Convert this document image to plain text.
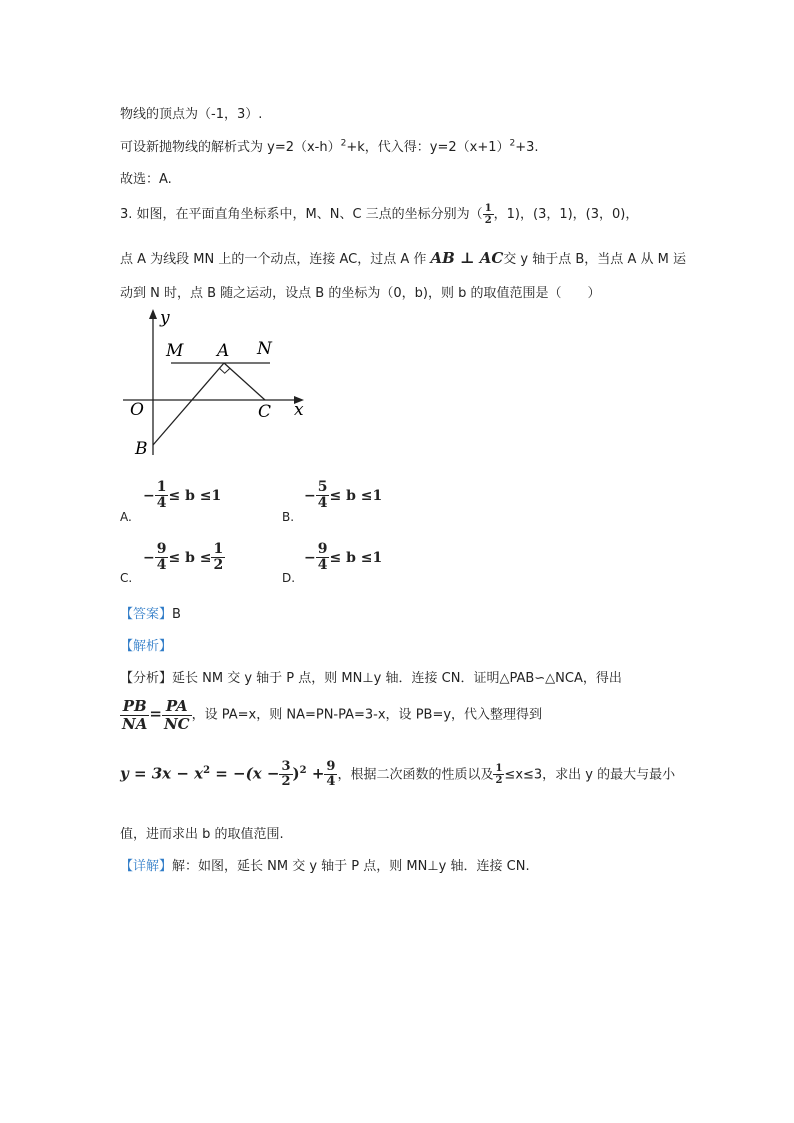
物线的顶点为（-1，3）.
可设新抛物线的解析式为 $y=2(x-h)^2+k$，代入得：$y=2(x+1)^2+3$.
故选：A.
3. 如图，在平面直角坐标系中，M、N、C 三点的坐标分别为（ $\frac{1}{2}$ ，1)，(3，1)，(3，0)，
点 A 为线段 MN 上的一个动点，连接 AC，过点 A 作 AB ⊥ AC交 y 轴于点 B，当点 A 从 M 运
动到 N 时，点 B 随之运动，设点 B 的坐标为（0，b)，则 b 的取值范围是（　　）
y
x
O
M A N
B
C
A.
− $\frac{1}{4} \le b \le 1$
B.
− $\frac{5}{4} \le b \le 1$
C.
− $\frac{9}{4} \le b \le \frac{1}{2}$
D.
− $\frac{9}{4} \le b \le 1$
【答案】B
【解析】
【分析】延长 NM 交 y 轴于 P 点，则 MN⊥y 轴．连接 CN．证明△PAB∽△NCA，得出
$\frac{PB}{NA} = \frac{PA}{NC}$ ，设 PA=x，则 NA=PN-PA=3-x，设 PB=y，代入整理得到
$y = 3x - x^2 = -(x - \frac{3}{2} )^2 + \frac{9}{4}$ ，根据二次函数的性质以及 $\frac{1}{2} \le x\le 3$，求出 y 的最大与最小
值，进而求出 b 的取值范围.
【详解】解：如图，延长 NM 交 y 轴于 P 点，则 MN⊥y 轴．连接 CN.
